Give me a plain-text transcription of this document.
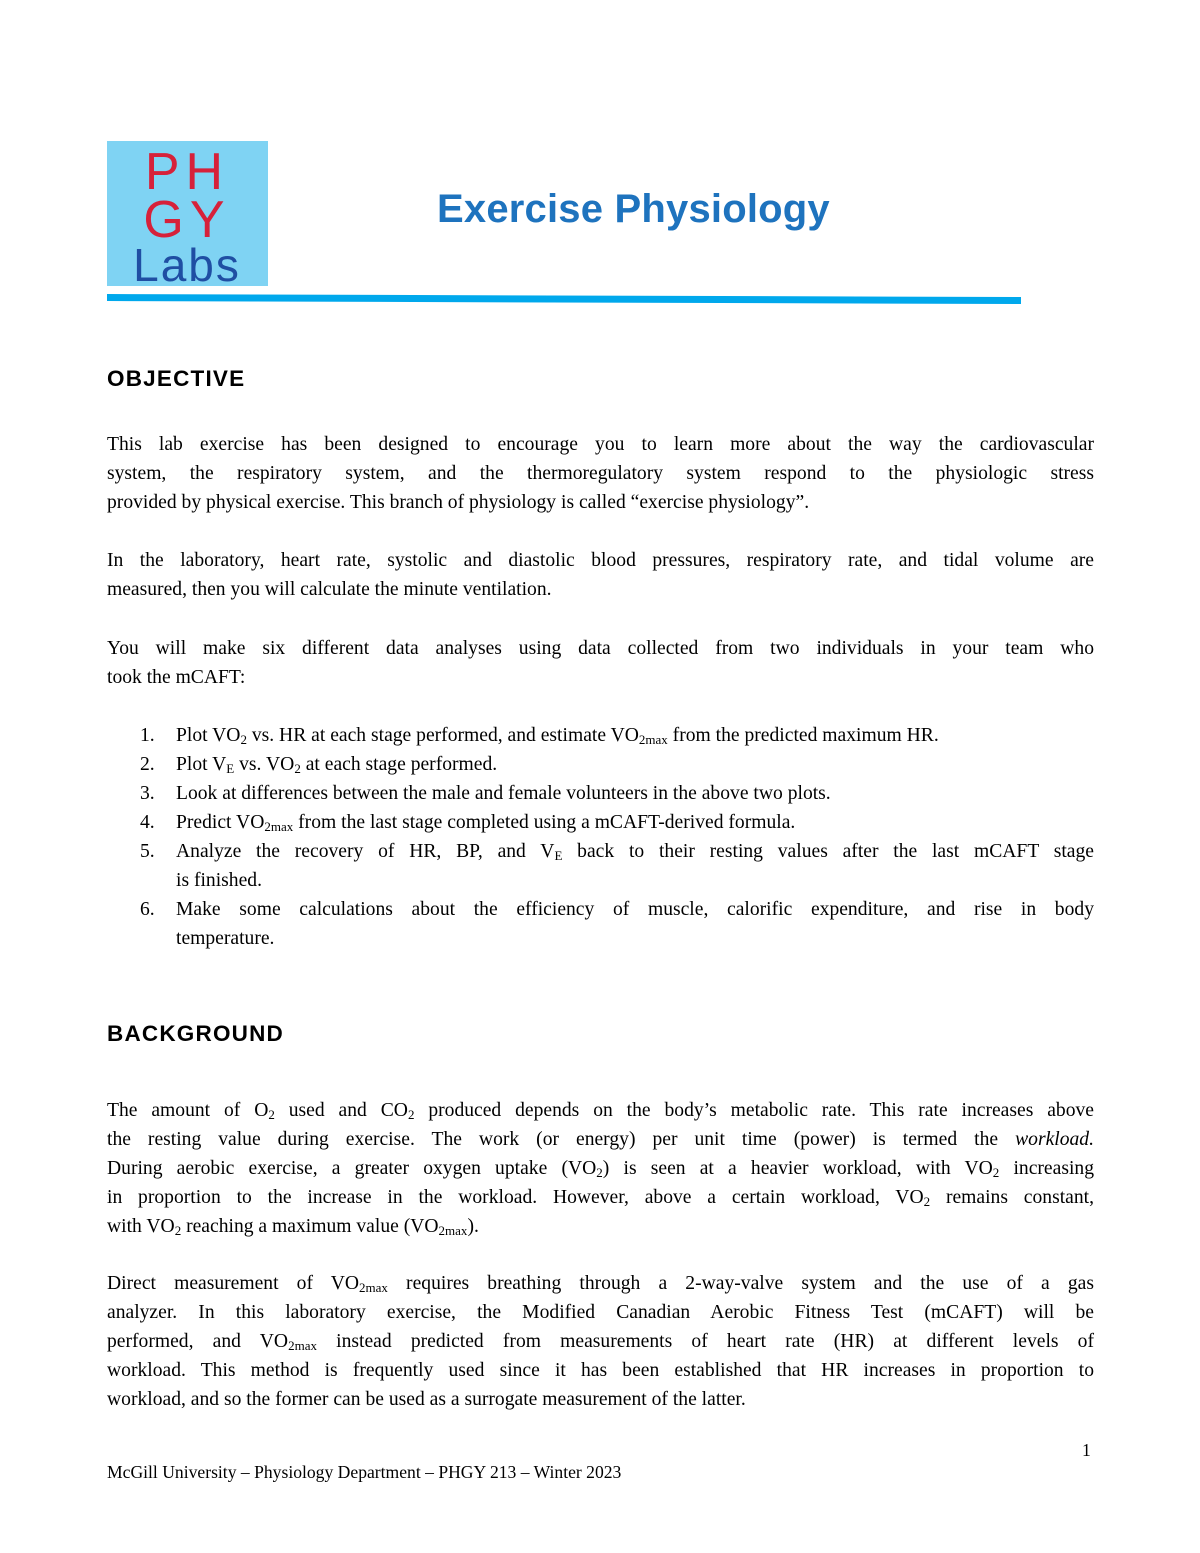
PH
GY
Labs
Exercise Physiology
OBJECTIVE

This lab exercise has been designed to encourage you to learn more about the way the cardiovascular
system, the respiratory system, and the thermoregulatory system respond to the physiologic stress
provided by physical exercise. This branch of physiology is called “exercise physiology”.

In the laboratory, heart rate, systolic and diastolic blood pressures, respiratory rate, and tidal volume are
measured, then you will calculate the minute ventilation.

You will make six different data analyses using data collected from two individuals in your team who
took the mCAFT:

1. Plot $VO_2$ vs. HR at each stage performed, and estimate $VO_{2max}$ from the predicted maximum HR.
2. Plot $V_E$ vs. $VO_2$ at each stage performed.
3. Look at differences between the male and female volunteers in the above two plots.
4. Predict $VO_{2max}$ from the last stage completed using a mCAFT-derived formula.
5. Analyze the recovery of HR, BP, and $V_E$ back to their resting values after the last mCAFT stage
is finished.
6. Make some calculations about the efficiency of muscle, calorific expenditure, and rise in body
temperature.
BACKGROUND

The amount of $O_2$ used and $CO_2$ produced depends on the body’s metabolic rate. This rate increases above
the resting value during exercise. The work (or energy) per unit time (power) is termed the workload.
During aerobic exercise, a greater oxygen uptake $(VO_2)$ is seen at a heavier workload, with $VO_2$ increasing
in proportion to the increase in the workload. However, above a certain workload, $VO_2$ remains constant,
with $VO_2$ reaching a maximum value $(VO_{2max})$.

Direct measurement of $VO_{2max}$ requires breathing through a 2-way-valve system and the use of a gas
analyzer. In this laboratory exercise, the Modified Canadian Aerobic Fitness Test (mCAFT) will be
performed, and $VO_{2max}$ instead predicted from measurements of heart rate (HR) at different levels of
workload. This method is frequently used since it has been established that HR increases in proportion to
workload, and so the former can be used as a surrogate measurement of the latter.

1
McGill University – Physiology Department – PHGY 213 – Winter 2023
